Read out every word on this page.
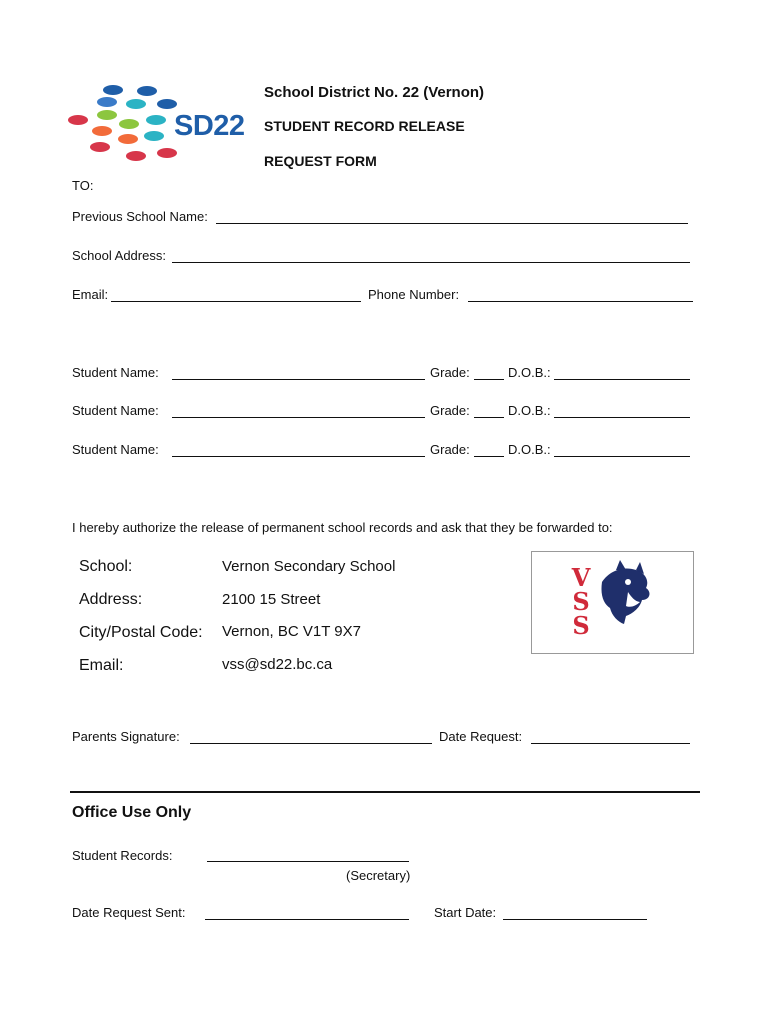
SD22
School District No. 22 (Vernon)
STUDENT RECORD RELEASE
REQUEST FORM
TO:
Previous School Name:
School Address:
Email:	Phone Number:
Student Name:	Grade:	D.O.B.:
Student Name:	Grade:	D.O.B.:
Student Name:	Grade:	D.O.B.:
I hereby authorize the release of permanent school records and ask that they be forwarded to:
School:	Vernon Secondary School
Address:	2100 15 Street
City/Postal Code: Vernon, BC V1T 9X7
Email:	vss@sd22.bc.ca
VSS
Parents Signature:	Date Request:
Office Use Only
Student Records:
(Secretary)
Date Request Sent:	Start Date:
